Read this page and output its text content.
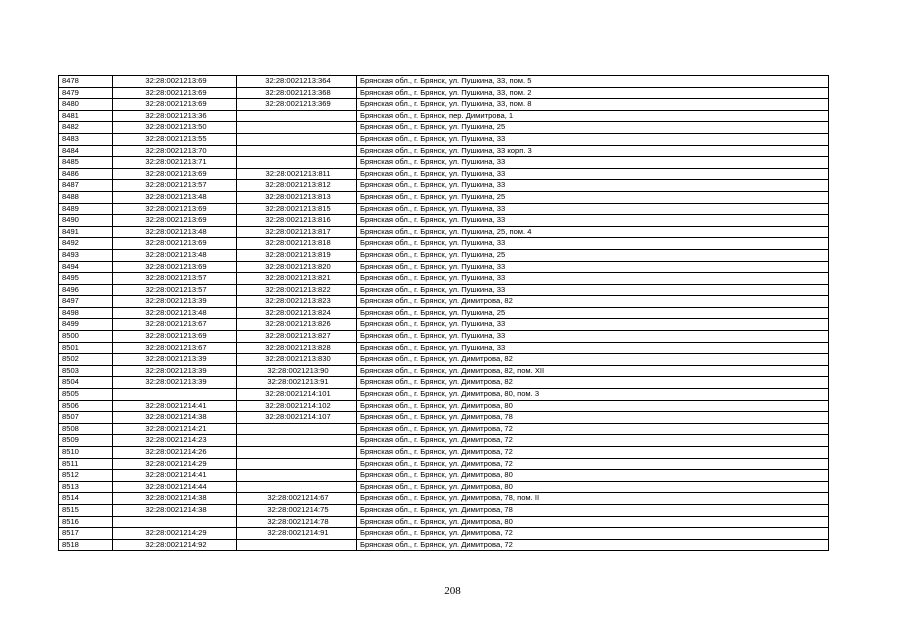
8478	32:28:0021213:69	32:28:0021213:364	Брянская обл., г. Брянск, ул. Пушкина, 33, пом. 5
8479	32:28:0021213:69	32:28:0021213:368	Брянская обл., г. Брянск, ул. Пушкина, 33, пом. 2
8480	32:28:0021213:69	32:28:0021213:369	Брянская обл., г. Брянск, ул. Пушкина, 33, пом. 8
8481	32:28:0021213:36		Брянская обл., г. Брянск, пер. Димитрова, 1
8482	32:28:0021213:50		Брянская обл., г. Брянск, ул. Пушкина, 25
8483	32:28:0021213:55		Брянская обл., г. Брянск, ул. Пушкина, 33
8484	32:28:0021213:70		Брянская обл., г. Брянск, ул. Пушкина, 33 корп. 3
8485	32:28:0021213:71		Брянская обл., г. Брянск, ул. Пушкина, 33
8486	32:28:0021213:69	32:28:0021213:811	Брянская обл., г. Брянск, ул. Пушкина, 33
8487	32:28:0021213:57	32:28:0021213:812	Брянская обл., г. Брянск, ул. Пушкина, 33
8488	32:28:0021213:48	32:28:0021213:813	Брянская обл., г. Брянск, ул. Пушкина, 25
8489	32:28:0021213:69	32:28:0021213:815	Брянская обл., г. Брянск, ул. Пушкина, 33
8490	32:28:0021213:69	32:28:0021213:816	Брянская обл., г. Брянск, ул. Пушкина, 33
8491	32:28:0021213:48	32:28:0021213:817	Брянская обл., г. Брянск, ул. Пушкина, 25, пом. 4
8492	32:28:0021213:69	32:28:0021213:818	Брянская обл., г. Брянск, ул. Пушкина, 33
8493	32:28:0021213:48	32:28:0021213:819	Брянская обл., г. Брянск, ул. Пушкина, 25
8494	32:28:0021213:69	32:28:0021213:820	Брянская обл., г. Брянск, ул. Пушкина, 33
8495	32:28:0021213:57	32:28:0021213:821	Брянская обл., г. Брянск, ул. Пушкина, 33
8496	32:28:0021213:57	32:28:0021213:822	Брянская обл., г. Брянск, ул. Пушкина, 33
8497	32:28:0021213:39	32:28:0021213:823	Брянская обл., г. Брянск, ул. Димитрова, 82
8498	32:28:0021213:48	32:28:0021213:824	Брянская обл., г. Брянск, ул. Пушкина, 25
8499	32:28:0021213:67	32:28:0021213:826	Брянская обл., г. Брянск, ул. Пушкина, 33
8500	32:28:0021213:69	32:28:0021213:827	Брянская обл., г. Брянск, ул. Пушкина, 33
8501	32:28:0021213:67	32:28:0021213:828	Брянская обл., г. Брянск, ул. Пушкина, 33
8502	32:28:0021213:39	32:28:0021213:830	Брянская обл., г. Брянск, ул. Димитрова, 82
8503	32:28:0021213:39	32:28:0021213:90	Брянская обл., г. Брянск, ул. Димитрова, 82, пом. XII
8504	32:28:0021213:39	32:28:0021213:91	Брянская обл., г. Брянск, ул. Димитрова, 82
8505		32:28:0021214:101	Брянская обл., г. Брянск, ул. Димитрова, 80, пом. 3
8506	32:28:0021214:41	32:28:0021214:102	Брянская обл., г. Брянск, ул. Димитрова, 80
8507	32:28:0021214:38	32:28:0021214:107	Брянская обл., г. Брянск, ул. Димитрова, 78
8508	32:28:0021214:21		Брянская обл., г. Брянск, ул. Димитрова, 72
8509	32:28:0021214:23		Брянская обл., г. Брянск, ул. Димитрова, 72
8510	32:28:0021214:26		Брянская обл., г. Брянск, ул. Димитрова, 72
8511	32:28:0021214:29		Брянская обл., г. Брянск, ул. Димитрова, 72
8512	32:28:0021214:41		Брянская обл., г. Брянск, ул. Димитрова, 80
8513	32:28:0021214:44		Брянская обл., г. Брянск, ул. Димитрова, 80
8514	32:28:0021214:38	32:28:0021214:67	Брянская обл., г. Брянск, ул. Димитрова, 78, пом. II
8515	32:28:0021214:38	32:28:0021214:75	Брянская обл., г. Брянск, ул. Димитрова, 78
8516		32:28:0021214:78	Брянская обл., г. Брянск, ул. Димитрова, 80
8517	32:28:0021214:29	32:28:0021214:91	Брянская обл., г. Брянск, ул. Димитрова, 72
8518	32:28:0021214:92		Брянская обл., г. Брянск, ул. Димитрова, 72
208
